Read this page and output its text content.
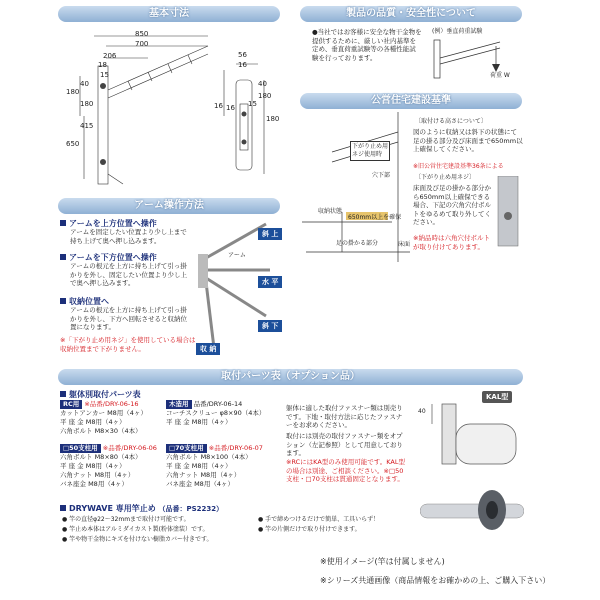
基本寸法	製品の品質・安全性について
公営住宅建設基準
アーム操作方法
取付パーツ表（オプション品）
850
700
206
18
15
180
40
180
650
415
56
16
16
180
40
15
180
16
●当社ではお客様に安全な物干金物を提供するために、厳しい社内基準を定め、垂直荷重試験等の各種性能試験を行っております。
(例）垂直荷重試験
荷重 W
下がり止め用
ネジ使用時
穴下部
収納状態
650mm以上を確保
足の掛かる部分	床面
〔取付ける高さについて〕
図のように収納又は斜下の状態にて足の掛る部分及び床面まで650mm以上確保してください。
※旧公営住宅建設基準36条による
〔下がり止め用ネジ〕
床面及び足の掛かる部分から650mm以上確保できる場合、下記の穴角穴付ボルトをゆるめて取り外してください。
※納品時は六角穴付ボルトが取り付けてあります。
アームを上方位置へ操作
アームを固定したい位置より少し上まで持ち上げて奥へ押し込みます。
アームを下方位置へ操作
アームの根元を上方に持ち上げて引っ掛かりを外し、固定したい位置より少し上で奥へ押し込みます。
収納位置へ
アームの根元を上方に持ち上げて引っ掛かりを外し、下方へ回転させると収納位置になります。
※「下がり止め用ネジ」を使用している場合は収納位置まで下がりません。
アーム
斜 上
水 平
斜 下
収 納
躯体別取付パーツ表
RC用 ※品番/DRY-06-16
カットアンカー M8用（4ヶ）
平 座 金 M8用（4ヶ）
六角ボルト M8×30（4本）
木造用 品番/DRY-06-14
コーチスクリュー φ8×90（4本）
平 座 金 M8用（4ヶ）
□50支柱用 ※品番/DRY-06-06
六角ボルト M8×80（4本）
平 座 金 M8用（4ヶ）
六角ナット M8用（4ヶ）
バネ座金 M8用（4ヶ）
□70支柱用 ※品番/DRY-06-07
六角ボルト M8×100（4本）
平 座 金 M8用（4ヶ）
六角ナット M8用（4ヶ）
バネ座金 M8用（4ヶ）
躯体に適した取付ファスナー類は別売りです。下地・取付方法に応じたファスナーをお求めください。
取付には別売の取付ファスナー類をオプション（左記参照）として用意しております。
※RCにはKA型のみ使用可能です。KAL型の場合は別途、ご相談ください。※□50支柱・□70支柱は貫通固定となります。
KAL型
40
DRYWAVE 専用竿止め （品番：PS2232）
● 竿の直径φ22〜32mmまで取付け可能です。
● 竿止め本体はアルミダイカスト製(粉体塗装）です。
● 竿や物干金物にキズを付けない樹脂カバー付きです。
● 手で締めつけるだけで簡単、工具いらず！
● 竿の片側だけで取り付けできます。
※使用イメージ(竿は付属しません)
※シリーズ共通画像（商品情報をお確かめの上、ご購入下さい）
